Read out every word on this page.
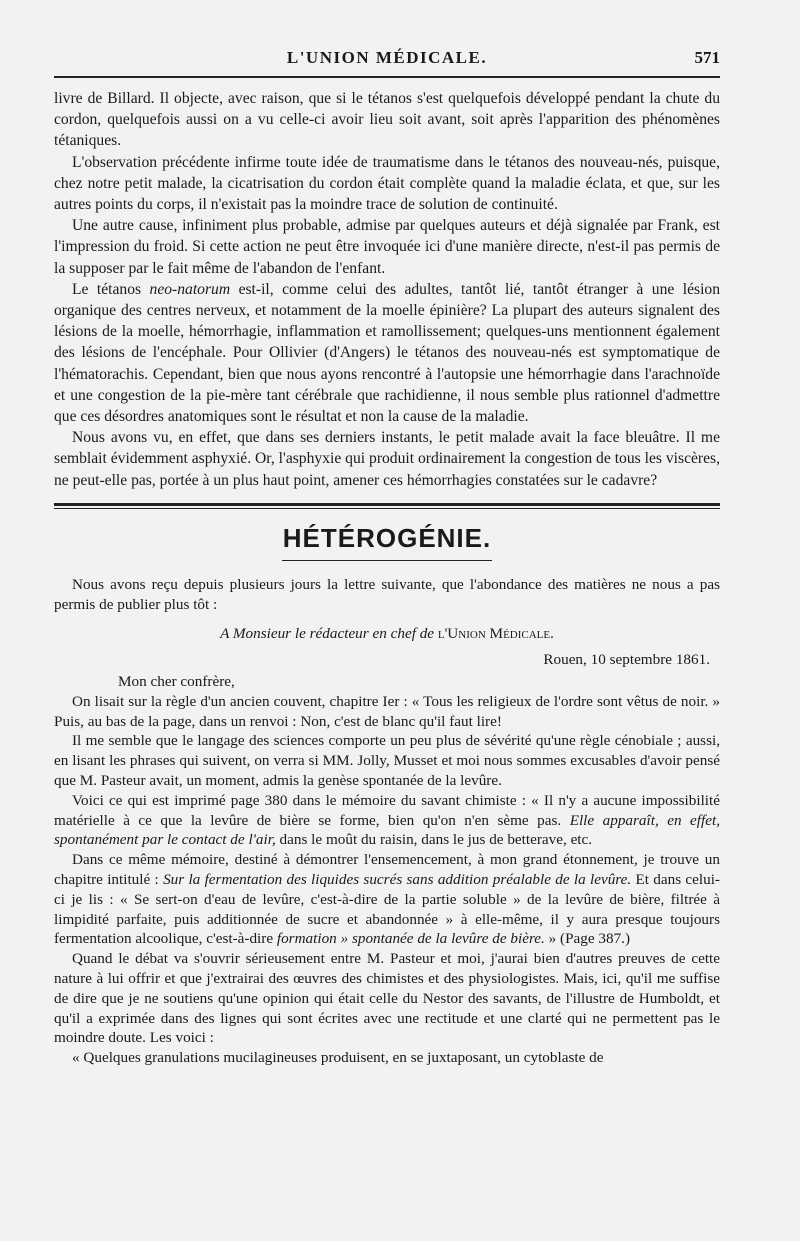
L'UNION MÉDICALE.	571

livre de Billard. Il objecte, avec raison, que si le tétanos s'est quelquefois développé pendant la chute du cordon, quelquefois aussi on a vu celle-ci avoir lieu soit avant, soit après l'apparition des phénomènes tétaniques.

L'observation précédente infirme toute idée de traumatisme dans le tétanos des nouveau-nés, puisque, chez notre petit malade, la cicatrisation du cordon était complète quand la maladie éclata, et que, sur les autres points du corps, il n'existait pas la moindre trace de solution de continuité.

Une autre cause, infiniment plus probable, admise par quelques auteurs et déjà signalée par Frank, est l'impression du froid. Si cette action ne peut être invoquée ici d'une manière directe, n'est-il pas permis de la supposer par le fait même de l'abandon de l'enfant.

Le tétanos neo-natorum est-il, comme celui des adultes, tantôt lié, tantôt étranger à une lésion organique des centres nerveux, et notamment de la moelle épinière? La plupart des auteurs signalent des lésions de la moelle, hémorrhagie, inflammation et ramollissement; quelques-uns mentionnent également des lésions de l'encéphale. Pour Ollivier (d'Angers) le tétanos des nouveau-nés est symptomatique de l'hématorachis. Cependant, bien que nous ayons rencontré à l'autopsie une hémorrhagie dans l'arachnoïde et une congestion de la pie-mère tant cérébrale que rachidienne, il nous semble plus rationnel d'admettre que ces désordres anatomiques sont le résultat et non la cause de la maladie.

Nous avons vu, en effet, que dans ses derniers instants, le petit malade avait la face bleuâtre. Il me semblait évidemment asphyxié. Or, l'asphyxie qui produit ordinairement la congestion de tous les viscères, ne peut-elle pas, portée à un plus haut point, amener ces hémorrhagies constatées sur le cadavre?

HÉTÉROGÉNIE.

Nous avons reçu depuis plusieurs jours la lettre suivante, que l'abondance des matières ne nous a pas permis de publier plus tôt :

A Monsieur le rédacteur en chef de l'Union Médicale.
Rouen, 10 septembre 1861.
Mon cher confrère,

On lisait sur la règle d'un ancien couvent, chapitre Ier : « Tous les religieux de l'ordre sont vêtus de noir. » Puis, au bas de la page, dans un renvoi : Non, c'est de blanc qu'il faut lire!

Il me semble que le langage des sciences comporte un peu plus de sévérité qu'une règle cénobiale ; aussi, en lisant les phrases qui suivent, on verra si MM. Jolly, Musset et moi nous sommes excusables d'avoir pensé que M. Pasteur avait, un moment, admis la genèse spontanée de la levûre.

Voici ce qui est imprimé page 380 dans le mémoire du savant chimiste : « Il n'y a aucune impossibilité matérielle à ce que la levûre de bière se forme, bien qu'on n'en sème pas. Elle apparaît, en effet, spontanément par le contact de l'air, dans le moût du raisin, dans le jus de betterave, etc.

Dans ce même mémoire, destiné à démontrer l'ensemencement, à mon grand étonnement, je trouve un chapitre intitulé : Sur la fermentation des liquides sucrés sans addition préalable de la levûre. Et dans celui-ci je lis : « Se sert-on d'eau de levûre, c'est-à-dire de la partie soluble » de la levûre de bière, filtrée à limpidité parfaite, puis additionnée de sucre et abandonnée » à elle-même, il y aura presque toujours fermentation alcoolique, c'est-à-dire formation » spontanée de la levûre de bière. » (Page 387.)

Quand le débat va s'ouvrir sérieusement entre M. Pasteur et moi, j'aurai bien d'autres preuves de cette nature à lui offrir et que j'extrairai des œuvres des chimistes et des physiologistes. Mais, ici, qu'il me suffise de dire que je ne soutiens qu'une opinion qui était celle du Nestor des savants, de l'illustre de Humboldt, et qu'il a exprimée dans des lignes qui sont écrites avec une rectitude et une clarté qui ne permettent pas le moindre doute. Les voici :

« Quelques granulations mucilagineuses produisent, en se juxtaposant, un cytoblaste de
